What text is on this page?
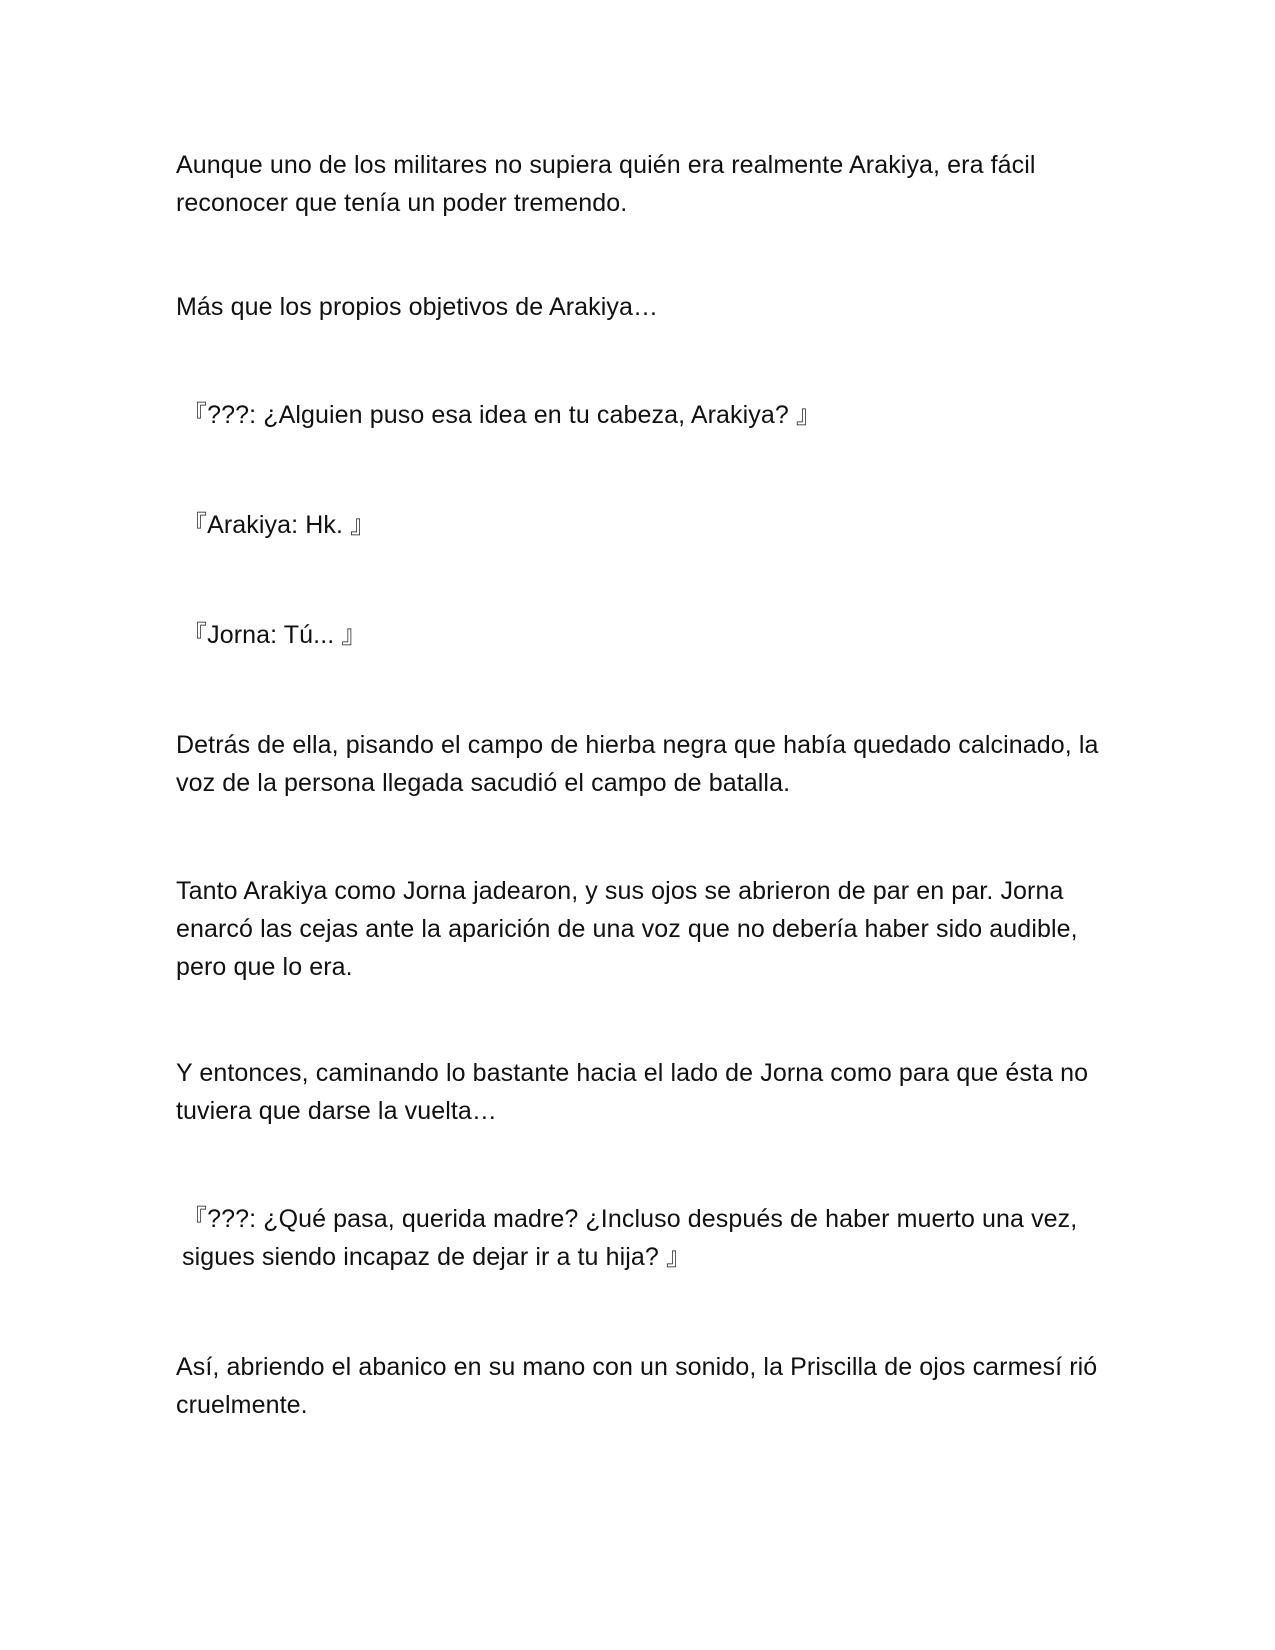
Aunque uno de los militares no supiera quién era realmente Arakiya, era fácil reconocer que tenía un poder tremendo.

Más que los propios objetivos de Arakiya…

『???: ¿Alguien puso esa idea en tu cabeza, Arakiya? 』

『Arakiya: Hk. 』

『Jorna: Tú... 』

Detrás de ella, pisando el campo de hierba negra que había quedado calcinado, la voz de la persona llegada sacudió el campo de batalla.

Tanto Arakiya como Jorna jadearon, y sus ojos se abrieron de par en par. Jorna enarcó las cejas ante la aparición de una voz que no debería haber sido audible, pero que lo era.

Y entonces, caminando lo bastante hacia el lado de Jorna como para que ésta no tuviera que darse la vuelta…

『???: ¿Qué pasa, querida madre? ¿Incluso después de haber muerto una vez, sigues siendo incapaz de dejar ir a tu hija? 』

Así, abriendo el abanico en su mano con un sonido, la Priscilla de ojos carmesí rió cruelmente.
